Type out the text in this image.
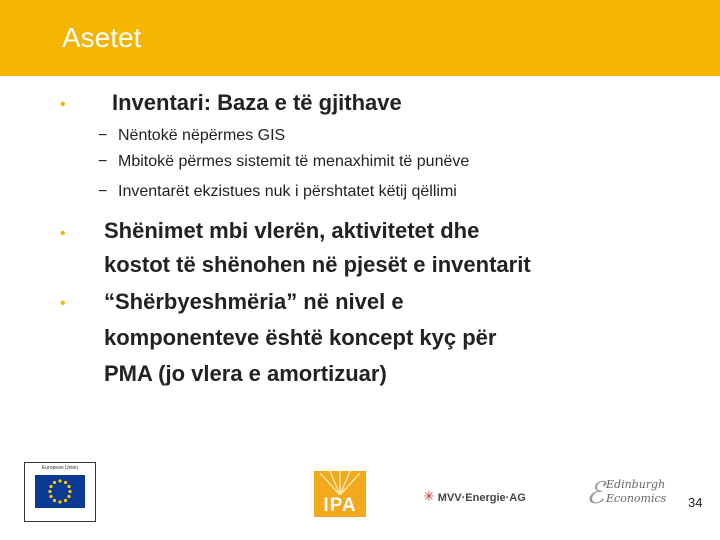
Asetet
• Inventari: Baza e të gjithave
− Nëntokë nëpërmes GIS
− Mbitokë përmes sistemit të menaxhimit të punëve
− Inventarët ekzistues nuk i përshtatet këtij qëllimi
• Shënimet mbi vlerën, aktivitetet dhe
kostot të shënohen në pjesët e inventarit
• “Shërbyeshmëria” në nivel e
komponenteve është koncept kyç për
PMA (jo vlera e amortizuar)
European Union
IPA	✳ MVV·Energie·AG ℰ Edinburgh
Economics 34
